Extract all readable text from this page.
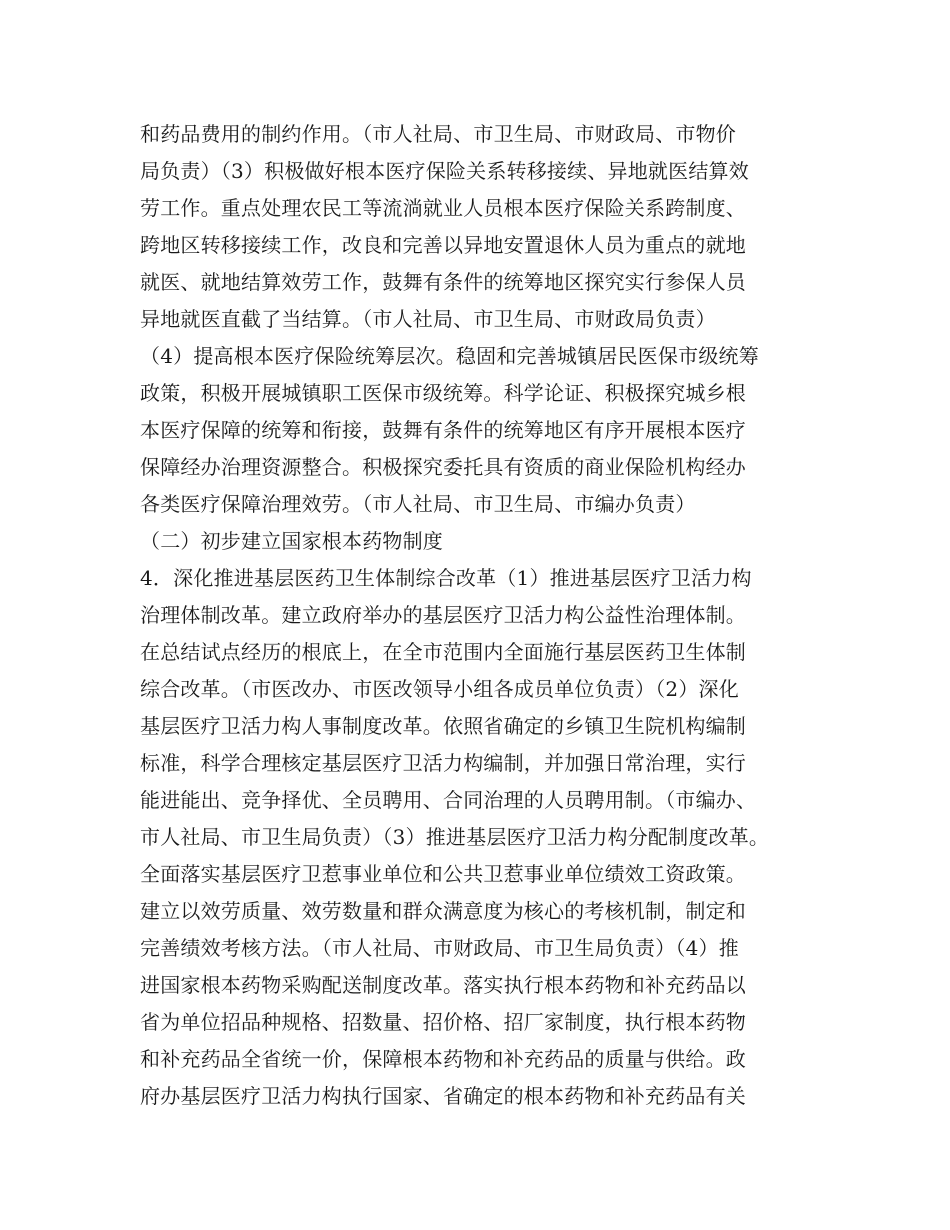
和药品费用的制约作用。（市人社局、市卫生局、市财政局、市物价
局负责）（3）积极做好根本医疗保险关系转移接续、异地就医结算效
劳工作。重点处理农民工等流淌就业人员根本医疗保险关系跨制度、
跨地区转移接续工作，改良和完善以异地安置退休人员为重点的就地
就医、就地结算效劳工作，鼓舞有条件的统筹地区探究实行参保人员
异地就医直截了当结算。（市人社局、市卫生局、市财政局负责）
（4）提高根本医疗保险统筹层次。稳固和完善城镇居民医保市级统筹
政策，积极开展城镇职工医保市级统筹。科学论证、积极探究城乡根
本医疗保障的统筹和衔接，鼓舞有条件的统筹地区有序开展根本医疗
保障经办治理资源整合。积极探究委托具有资质的商业保险机构经办
各类医疗保障治理效劳。（市人社局、市卫生局、市编办负责）
（二）初步建立国家根本药物制度
4．深化推进基层医药卫生体制综合改革（1）推进基层医疗卫活力构
治理体制改革。建立政府举办的基层医疗卫活力构公益性治理体制。
在总结试点经历的根底上，在全市范围内全面施行基层医药卫生体制
综合改革。（市医改办、市医改领导小组各成员单位负责）（2）深化
基层医疗卫活力构人事制度改革。依照省确定的乡镇卫生院机构编制
标准，科学合理核定基层医疗卫活力构编制，并加强日常治理，实行
能进能出、竞争择优、全员聘用、合同治理的人员聘用制。（市编办、
市人社局、市卫生局负责）（3）推进基层医疗卫活力构分配制度改革。
全面落实基层医疗卫惹事业单位和公共卫惹事业单位绩效工资政策。
建立以效劳质量、效劳数量和群众满意度为核心的考核机制，制定和
完善绩效考核方法。（市人社局、市财政局、市卫生局负责）（4）推
进国家根本药物采购配送制度改革。落实执行根本药物和补充药品以
省为单位招品种规格、招数量、招价格、招厂家制度，执行根本药物
和补充药品全省统一价，保障根本药物和补充药品的质量与供给。政
府办基层医疗卫活力构执行国家、省确定的根本药物和补充药品有关
